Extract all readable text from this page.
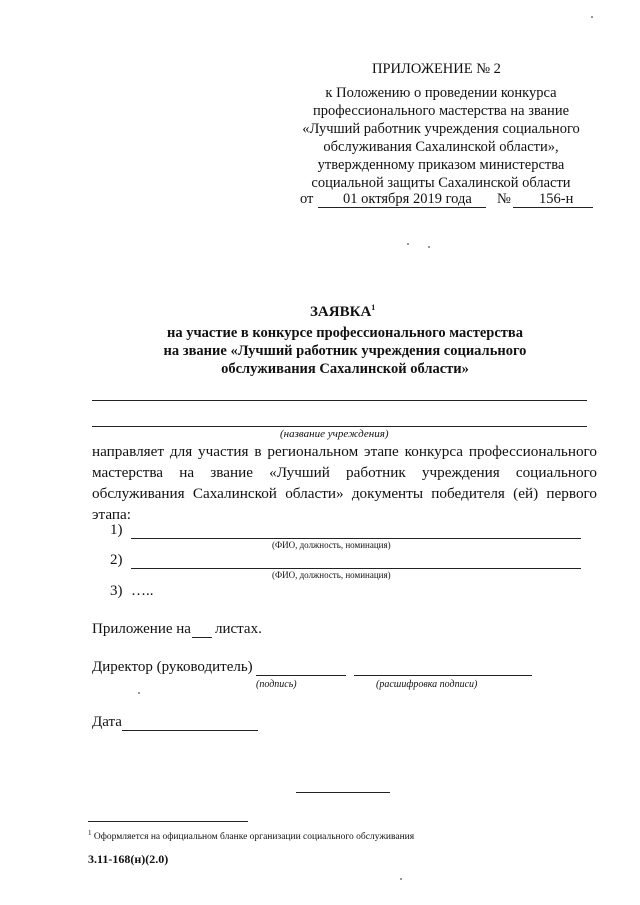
ПРИЛОЖЕНИЕ № 2
к Положению о проведении конкурса
профессионального мастерства на звание
«Лучший работник учреждения социального
обслуживания Сахалинской области»,
утвержденному приказом министерства
социальной защиты Сахалинской области
от 01 октября 2019 года № 156-н
ЗАЯВКА$^1$
на участие в конкурсе профессионального мастерства
на звание «Лучший работник учреждения социального
обслуживания Сахалинской области»
(название учреждения)
направляет для участия в региональном этапе конкурса профессионального мастерства на звание «Лучший работник учреждения социального обслуживания Сахалинской области» документы победителя (ей) первого этапа:
1)
(ФИО, должность, номинация)
2)
(ФИО, должность, номинация)
3) …..
Приложение на листах.
Директор (руководитель)
(подпись)	(расшифровка подписи)
Дата
$^1$ Оформляется на официальном бланке организации социального обслуживания
3.11-168(н)(2.0)
